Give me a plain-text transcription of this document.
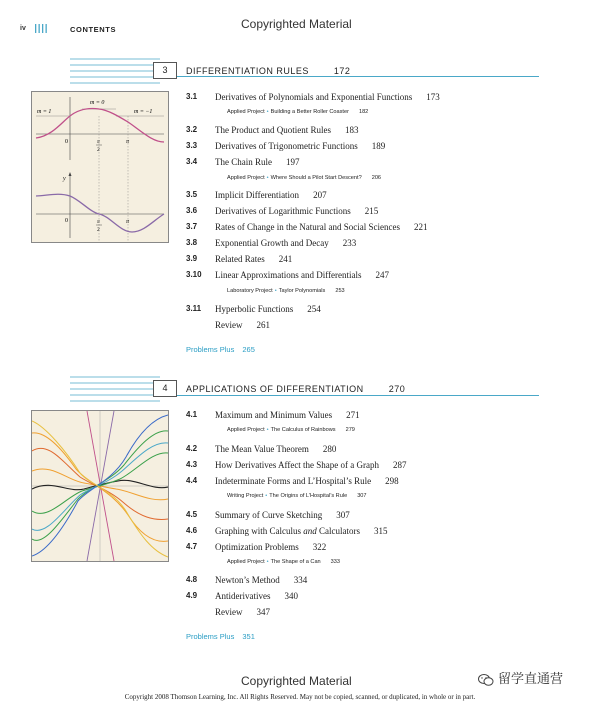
iv	CONTENTS	Copyrighted Material
3	DIFFERENTIATION RULES	172
m = 0
m = 1	m = −1
0	π
2
π
y
0	π
2
π
3.1 Derivatives of Polynomials and Exponential Functions 173
Applied Project • Building a Better Roller Coaster 182
3.2 The Product and Quotient Rules 183
3.3 Derivatives of Trigonometric Functions 189
3.4 The Chain Rule 197
Applied Project • Where Should a Pilot Start Descent? 206
3.5 Implicit Differentiation 207
3.6 Derivatives of Logarithmic Functions 215
3.7 Rates of Change in the Natural and Social Sciences 221
3.8 Exponential Growth and Decay 233
3.9 Related Rates 241
3.10 Linear Approximations and Differentials 247
Laboratory Project • Taylor Polynomials 253
3.11 Hyperbolic Functions 254
Review 261
Problems Plus 265
4	APPLICATIONS OF DIFFERENTIATION	270
4.1 Maximum and Minimum Values 271
Applied Project • The Calculus of Rainbows 279
4.2 The Mean Value Theorem 280
4.3 How Derivatives Affect the Shape of a Graph 287
4.4 Indeterminate Forms and L’Hospital’s Rule 298
Writing Project • The Origins of L’Hospital’s Rule 307
4.5 Summary of Curve Sketching 307
4.6 Graphing with Calculus and Calculators 315
4.7 Optimization Problems 322
Applied Project • The Shape of a Can 333
4.8 Newton’s Method 334
4.9 Antiderivatives 340
Review 347
Problems Plus 351
Copyrighted Material	留学直通营
Copyright 2008 Thomson Learning, Inc. All Rights Reserved. May not be copied, scanned, or duplicated, in whole or in part.
